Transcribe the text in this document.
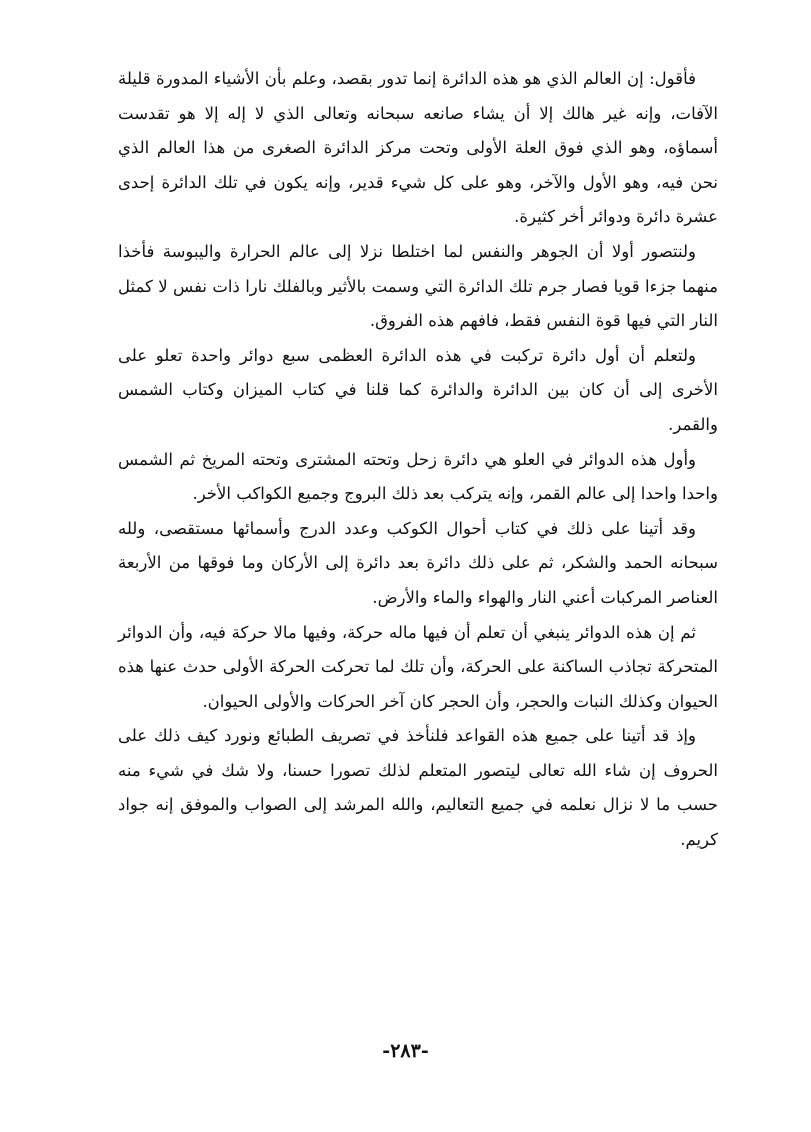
فأقول: إن العالم الذي هو هذه الدائرة إنما تدور بقصد، وعلم بأن الأشياء المدورة قليلة الآفات، وإنه غير هالك إلا أن يشاء صانعه سبحانه وتعالى الذي لا إله إلا هو تقدست أسماؤه، وهو الذي فوق العلة الأولى وتحت مركز الدائرة الصغرى من هذا العالم الذي نحن فيه، وهو الأول والآخر، وهو على كل شيء قدير، وإنه يكون في تلك الدائرة إحدى عشرة دائرة ودوائر أخر كثيرة.

ولنتصور أولا أن الجوهر والنفس لما اختلطا نزلا إلى عالم الحرارة واليبوسة فأخذا منهما جزءا قويا فصار جرم تلك الدائرة التي وسمت بالأثير وبالفلك نارا ذات نفس لا كمثل النار التي فيها قوة النفس فقط، فافهم هذه الفروق.

ولتعلم أن أول دائرة تركبت في هذه الدائرة العظمى سبع دوائر واحدة تعلو على الأخرى إلى أن كان بين الدائرة والدائرة كما قلنا في كتاب الميزان وكتاب الشمس والقمر.

وأول هذه الدوائر في العلو هي دائرة زحل وتحته المشترى وتحته المريخ ثم الشمس واحدا واحدا إلى عالم القمر، وإنه يتركب بعد ذلك البروج وجميع الكواكب الأخر.

وقد أتينا على ذلك في كتاب أحوال الكوكب وعدد الدرج وأسمائها مستقصى، ولله سبحانه الحمد والشكر، ثم على ذلك دائرة بعد دائرة إلى الأركان وما فوقها من الأربعة العناصر المركبات أعني النار والهواء والماء والأرض.

ثم إن هذه الدوائر ينبغي أن تعلم أن فيها ماله حركة، وفيها مالا حركة فيه، وأن الدوائر المتحركة تجاذب الساكنة على الحركة، وأن تلك لما تحركت الحركة الأولى حدث عنها هذه الحيوان وكذلك النبات والحجر، وأن الحجر كان آخر الحركات والأولى الحيوان.

وإذ قد أتينا على جميع هذه القواعد فلنأخذ في تصريف الطبائع ونورد كيف ذلك على الحروف إن شاء الله تعالى ليتصور المتعلم لذلك تصورا حسنا، ولا شك في شيء منه حسب ما لا نزال نعلمه في جميع التعاليم، والله المرشد إلى الصواب والموفق إنه جواد كريم.

-٢٨٣-
